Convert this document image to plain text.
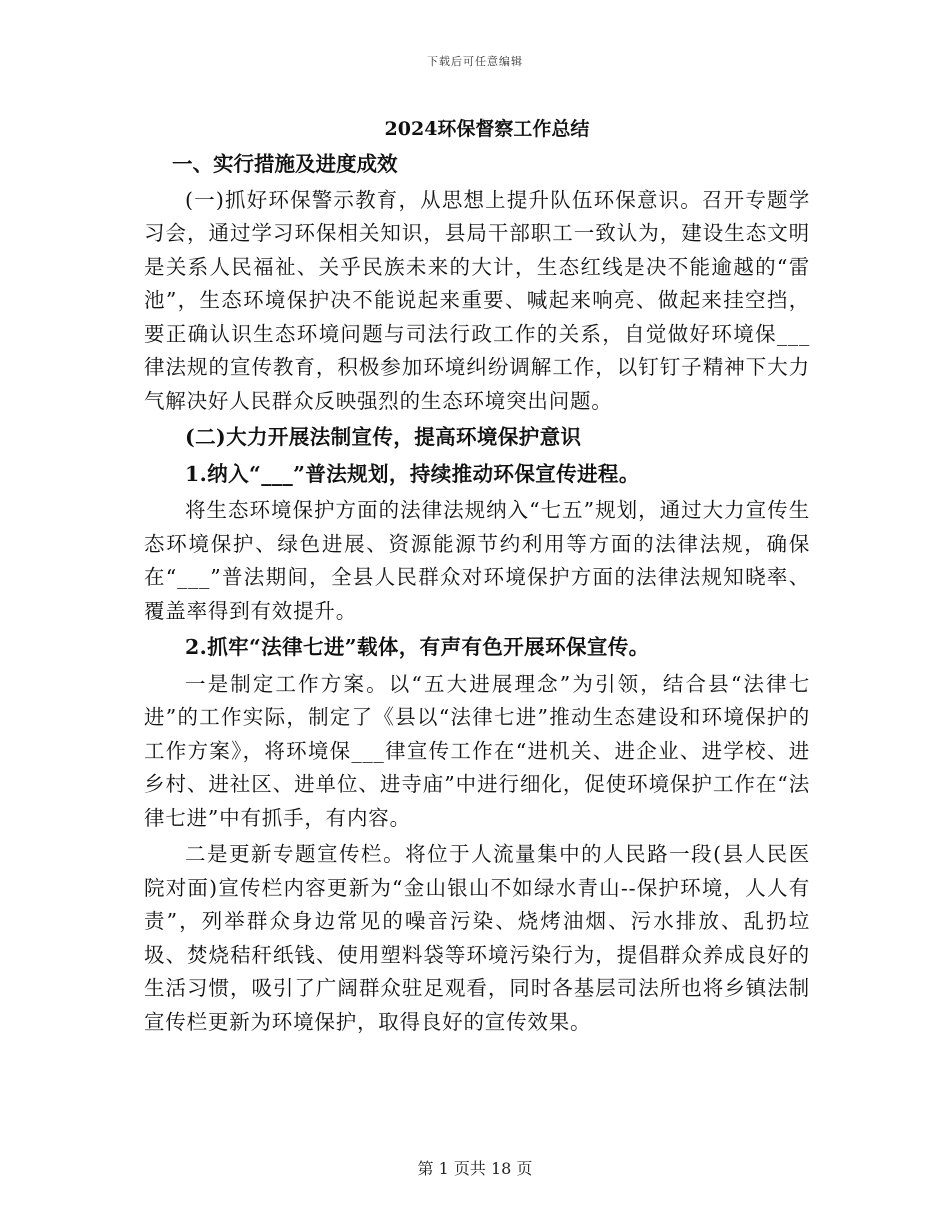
下载后可任意编辑
2024环保督察工作总结
一、实行措施及进度成效

(一)抓好环保警示教育，从思想上提升队伍环保意识。召开专题学习会，通过学习环保相关知识，县局干部职工一致认为，建设生态文明是关系人民福祉、关乎民族未来的大计，生态红线是决不能逾越的“雷池”，生态环境保护决不能说起来重要、喊起来响亮、做起来挂空挡，要正确认识生态环境问题与司法行政工作的关系，自觉做好环境保___律法规的宣传教育，积极参加环境纠纷调解工作，以钉钉子精神下大力气解决好人民群众反映强烈的生态环境突出问题。

(二)大力开展法制宣传，提高环境保护意识

1.纳入“___”普法规划，持续推动环保宣传进程。

将生态环境保护方面的法律法规纳入“七五”规划，通过大力宣传生态环境保护、绿色进展、资源能源节约利用等方面的法律法规，确保在“___”普法期间，全县人民群众对环境保护方面的法律法规知晓率、覆盖率得到有效提升。

2.抓牢“法律七进”载体，有声有色开展环保宣传。

一是制定工作方案。以“五大进展理念”为引领，结合县“法律七进”的工作实际，制定了《县以“法律七进”推动生态建设和环境保护的工作方案》，将环境保___律宣传工作在“进机关、进企业、进学校、进乡村、进社区、进单位、进寺庙”中进行细化，促使环境保护工作在“法律七进”中有抓手，有内容。

二是更新专题宣传栏。将位于人流量集中的人民路一段(县人民医院对面)宣传栏内容更新为“金山银山不如绿水青山--保护环境，人人有责”，列举群众身边常见的噪音污染、烧烤油烟、污水排放、乱扔垃圾、焚烧秸秆纸钱、使用塑料袋等环境污染行为，提倡群众养成良好的生活习惯，吸引了广阔群众驻足观看，同时各基层司法所也将乡镇法制宣传栏更新为环境保护，取得良好的宣传效果。

第 1 页共 18 页
